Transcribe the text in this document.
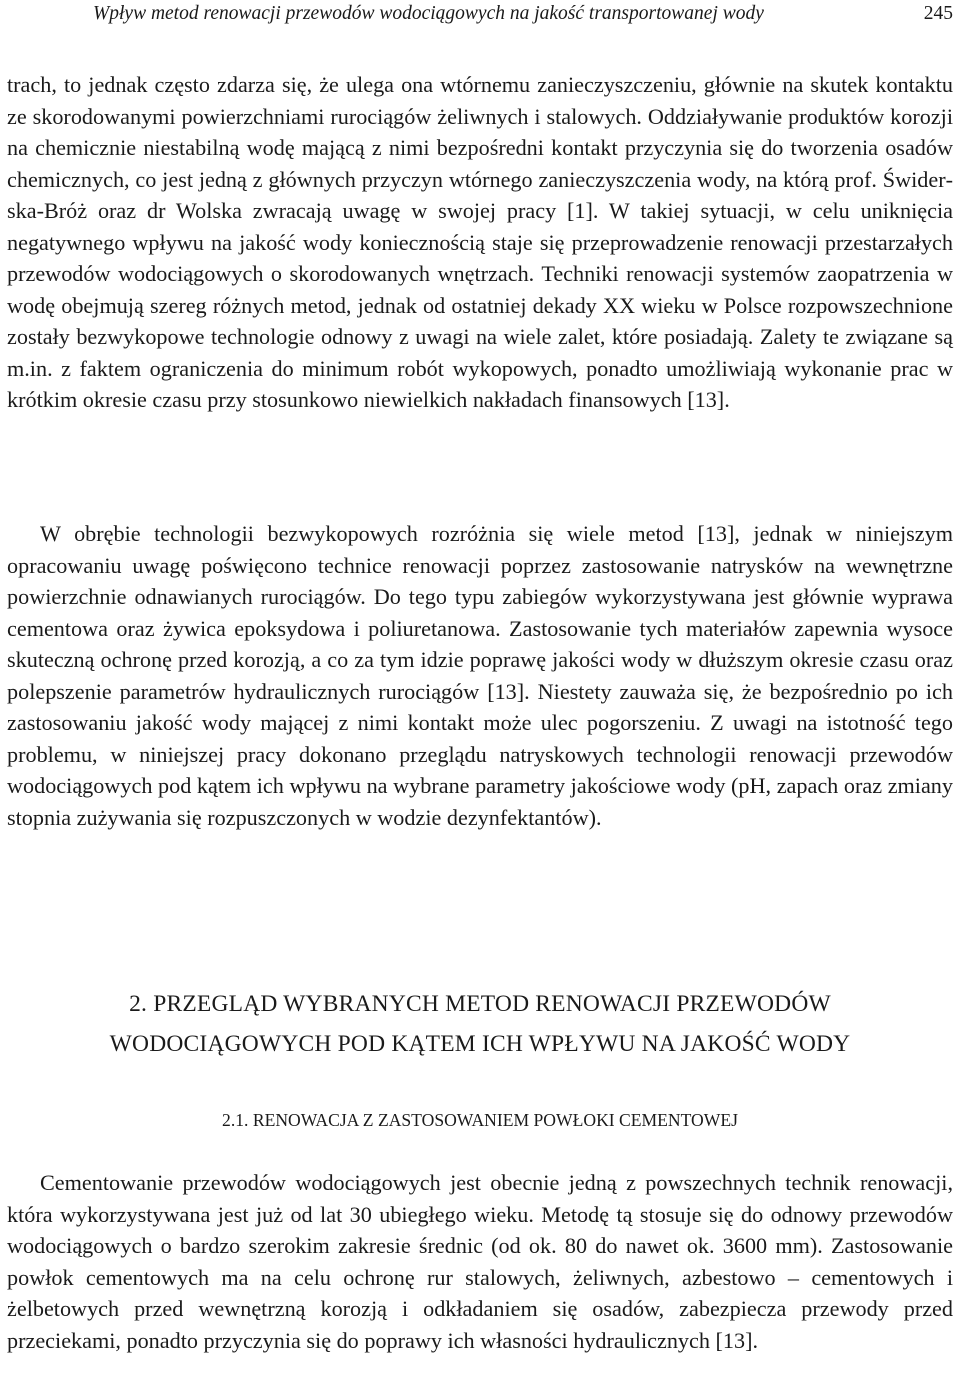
Wpływ metod renowacji przewodów wodociągowych na jakość transportowanej wody	245

trach, to jednak często zdarza się, że ulega ona wtórnemu zanieczyszczeniu, głównie na skutek kontaktu ze skorodowanymi powierzchniami rurociągów żeliwnych i stalowych. Oddziaływanie produktów korozji na chemicznie niestabilną wodę mającą z nimi bezpośredni kontakt przyczynia się do tworzenia osadów chemicznych, co jest jedną z głównych przyczyn wtórnego zanieczyszczenia wody, na którą prof. Świderska-Bróż oraz dr Wolska zwracają uwagę w swojej pracy [1]. W takiej sytuacji, w celu uniknięcia negatywnego wpływu na jakość wody koniecznością staje się przeprowadzenie renowacji przestarzałych przewodów wodociągowych o skorodowanych wnętrzach. Techniki renowacji systemów zaopatrzenia w wodę obejmują szereg różnych metod, jednak od ostatniej dekady XX wieku w Polsce rozpowszechnione zostały bezwykopowe technologie odnowy z uwagi na wiele zalet, które posiadają. Zalety te związane są m.in. z faktem ograniczenia do minimum robót wykopowych, ponadto umożliwiają wykonanie prac w krótkim okresie czasu przy stosunkowo niewielkich nakładach finansowych [13].

W obrębie technologii bezwykopowych rozróżnia się wiele metod [13], jednak w niniejszym opracowaniu uwagę poświęcono technice renowacji poprzez zastosowanie natrysków na wewnętrzne powierzchnie odnawianych rurociągów. Do tego typu zabiegów wykorzystywana jest głównie wyprawa cementowa oraz żywica epoksydowa i poliuretanowa. Zastosowanie tych materiałów zapewnia wysoce skuteczną ochronę przed korozją, a co za tym idzie poprawę jakości wody w dłuższym okresie czasu oraz polepszenie parametrów hydraulicznych rurociągów [13]. Niestety zauważa się, że bezpośrednio po ich zastosowaniu jakość wody mającej z nimi kontakt może ulec pogorszeniu. Z uwagi na istotność tego problemu, w niniejszej pracy dokonano przeglądu natryskowych technologii renowacji przewodów wodociągowych pod kątem ich wpływu na wybrane parametry jakościowe wody (pH, zapach oraz zmiany stopnia zużywania się rozpuszczonych w wodzie dezynfektantów).

2. PRZEGLĄD WYBRANYCH METOD RENOWACJI PRZEWODÓW
WODOCIĄGOWYCH POD KĄTEM ICH WPŁYWU NA JAKOŚĆ WODY
2.1. RENOWACJA Z ZASTOSOWANIEM POWŁOKI CEMENTOWEJ

Cementowanie przewodów wodociągowych jest obecnie jedną z powszechnych technik renowacji, która wykorzystywana jest już od lat 30 ubiegłego wieku. Metodę tą stosuje się do odnowy przewodów wodociągowych o bardzo szerokim zakresie średnic (od ok. 80 do nawet ok. 3600 mm). Zastosowanie powłok cementowych ma na celu ochronę rur stalowych, żeliwnych, azbestowo – cementowych i żelbetowych przed wewnętrzną korozją i odkładaniem się osadów, zabezpiecza przewody przed przeciekami, ponadto przyczynia się do poprawy ich własności hydraulicznych [13].
